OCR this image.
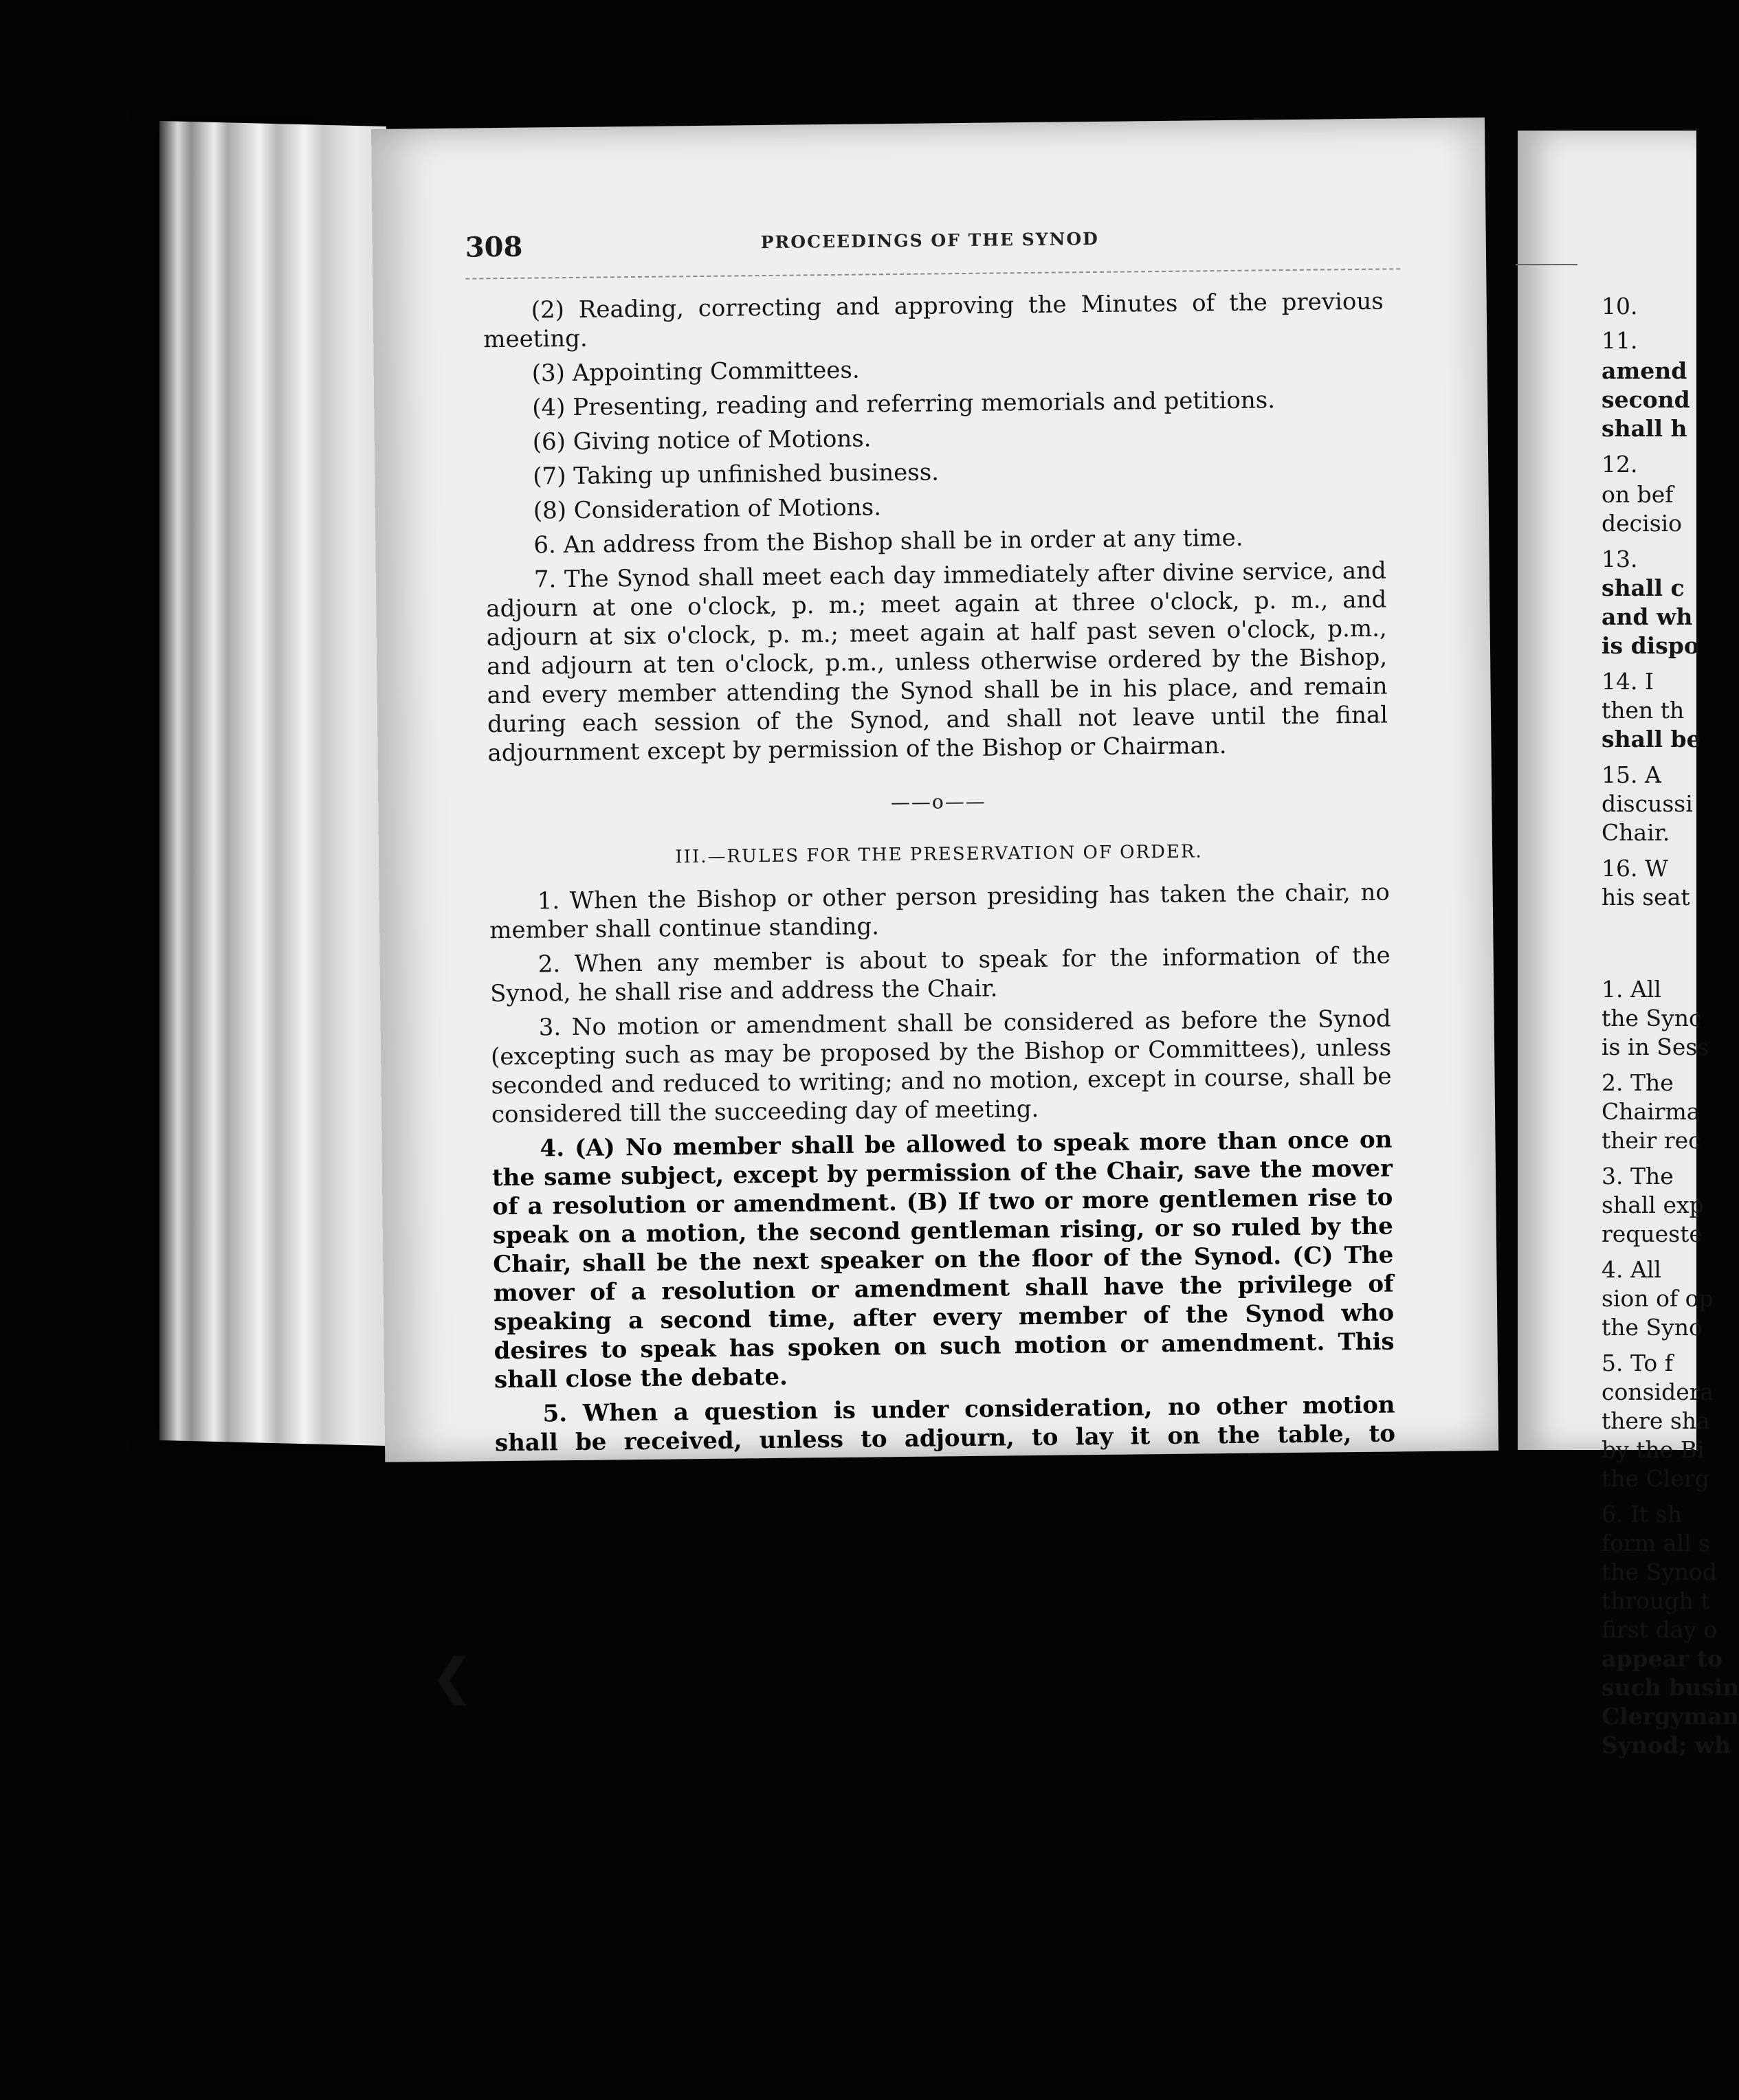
308	PROCEEDINGS OF THE SYNOD

(2) Reading, correcting and approving the Minutes of the previous meeting.

(3) Appointing Committees.

(4) Presenting, reading and referring memorials and petitions.

(6) Giving notice of Motions.

(7) Taking up unfinished business.

(8) Consideration of Motions.

6. An address from the Bishop shall be in order at any time.

7. The Synod shall meet each day immediately after divine service, and adjourn at one o'clock, p. m.; meet again at three o'clock, p. m., and adjourn at six o'clock, p. m.; meet again at half past seven o'clock, p.m., and adjourn at ten o'clock, p.m., unless otherwise ordered by the Bishop, and every member attending the Synod shall be in his place, and remain during each session of the Synod, and shall not leave until the final adjournment except by permission of the Bishop or Chairman.

——o——
III.—RULES FOR THE PRESERVATION OF ORDER.

1. When the Bishop or other person presiding has taken the chair, no member shall continue standing.

2. When any member is about to speak for the information of the Synod, he shall rise and address the Chair.

3. No motion or amendment shall be considered as before the Synod (excepting such as may be proposed by the Bishop or Committees), unless seconded and reduced to writing; and no motion, except in course, shall be considered till the succeeding day of meeting.

4. (A) No member shall be allowed to speak more than once on the same subject, except by permission of the Chair, save the mover of a resolution or amendment. (B) If two or more gentlemen rise to speak on a motion, the second gentleman rising, or so ruled by the Chair, shall be the next speaker on the floor of the Synod. (C) The mover of a resolution or amendment shall have the privilege of speaking a second time, after every member of the Synod who desires to speak has spoken on such motion or amendment. This shall close the debate.

5. When a question is under consideration, no other motion shall be received, unless to adjourn, to lay it on the table, to postpone it to a certain time, to postpone it indefinitely, to commit it, to amend it, or to divide on it; and motions for any of these purposes shall have precedence in the order here named.

6. Motions to adjourn, or to lay on the table, shall be decided without debate.

7. When a motion has been read to the Synod by the Secretary, it cannot be withdrawn by the mover without the consent of the Chair.

8. Each member shall have the right to require, at any period of the debate, that a question in discussion be read for his information.

9. A member called to order, while speaking, shall sit down, unless permitted to explain.

❮
10.
11.
amend
second
shall h
12.
on bef
decisio
13.
shall c
and wh
is dispo
14. I
then th
shall be
15. A
discussi
Chair.
16. W
his seat
1. All
the Sync
is in Sess
2. The
Chairma
their rec
3. The
shall exp
requeste
4. All
sion of op
the Syno
5. To f
considera
there sha
by the Bi
the Clerg
6. It sh
form all s
the Synod
through t
first day o
appear to
such busin
Clergyman
Synod; wh
